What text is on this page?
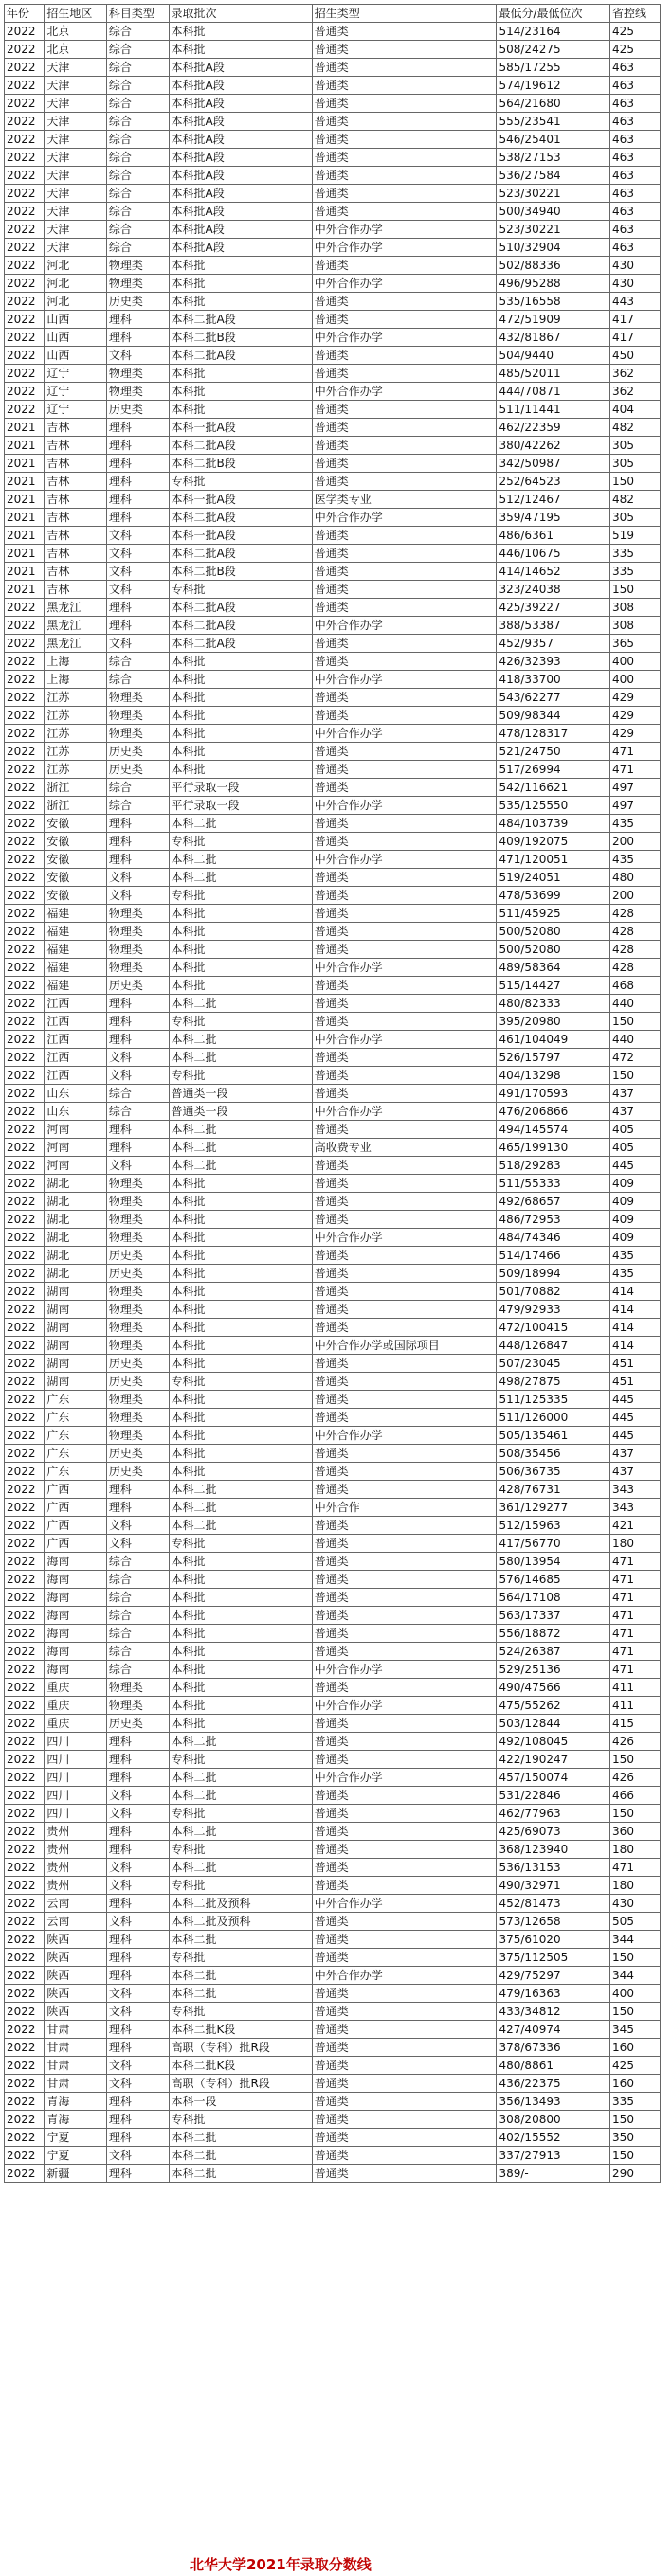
年份	招生地区	科目类型	录取批次	招生类型	最低分/最低位次	省控线
2022	北京	综合	本科批	普通类	514/23164	425
2022	北京	综合	本科批	普通类	508/24275	425
2022	天津	综合	本科批A段	普通类	585/17255	463
2022	天津	综合	本科批A段	普通类	574/19612	463
2022	天津	综合	本科批A段	普通类	564/21680	463
2022	天津	综合	本科批A段	普通类	555/23541	463
2022	天津	综合	本科批A段	普通类	546/25401	463
2022	天津	综合	本科批A段	普通类	538/27153	463
2022	天津	综合	本科批A段	普通类	536/27584	463
2022	天津	综合	本科批A段	普通类	523/30221	463
2022	天津	综合	本科批A段	普通类	500/34940	463
2022	天津	综合	本科批A段	中外合作办学	523/30221	463
2022	天津	综合	本科批A段	中外合作办学	510/32904	463
2022	河北	物理类	本科批	普通类	502/88336	430
2022	河北	物理类	本科批	中外合作办学	496/95288	430
2022	河北	历史类	本科批	普通类	535/16558	443
2022	山西	理科	本科二批A段	普通类	472/51909	417
2022	山西	理科	本科二批B段	中外合作办学	432/81867	417
2022	山西	文科	本科二批A段	普通类	504/9440	450
2022	辽宁	物理类	本科批	普通类	485/52011	362
2022	辽宁	物理类	本科批	中外合作办学	444/70871	362
2022	辽宁	历史类	本科批	普通类	511/11441	404
2021	吉林	理科	本科一批A段	普通类	462/22359	482
2021	吉林	理科	本科二批A段	普通类	380/42262	305
2021	吉林	理科	本科二批B段	普通类	342/50987	305
2021	吉林	理科	专科批	普通类	252/64523	150
2021	吉林	理科	本科一批A段	医学类专业	512/12467	482
2021	吉林	理科	本科二批A段	中外合作办学	359/47195	305
2021	吉林	文科	本科一批A段	普通类	486/6361	519
2021	吉林	文科	本科二批A段	普通类	446/10675	335
2021	吉林	文科	本科二批B段	普通类	414/14652	335
2021	吉林	文科	专科批	普通类	323/24038	150
2022	黑龙江	理科	本科二批A段	普通类	425/39227	308
2022	黑龙江	理科	本科二批A段	中外合作办学	388/53387	308
2022	黑龙江	文科	本科二批A段	普通类	452/9357	365
2022	上海	综合	本科批	普通类	426/32393	400
2022	上海	综合	本科批	中外合作办学	418/33700	400
2022	江苏	物理类	本科批	普通类	543/62277	429
2022	江苏	物理类	本科批	普通类	509/98344	429
2022	江苏	物理类	本科批	中外合作办学	478/128317	429
2022	江苏	历史类	本科批	普通类	521/24750	471
2022	江苏	历史类	本科批	普通类	517/26994	471
2022	浙江	综合	平行录取一段	普通类	542/116621	497
2022	浙江	综合	平行录取一段	中外合作办学	535/125550	497
2022	安徽	理科	本科二批	普通类	484/103739	435
2022	安徽	理科	专科批	普通类	409/192075	200
2022	安徽	理科	本科二批	中外合作办学	471/120051	435
2022	安徽	文科	本科二批	普通类	519/24051	480
2022	安徽	文科	专科批	普通类	478/53699	200
2022	福建	物理类	本科批	普通类	511/45925	428
2022	福建	物理类	本科批	普通类	500/52080	428
2022	福建	物理类	本科批	普通类	500/52080	428
2022	福建	物理类	本科批	中外合作办学	489/58364	428
2022	福建	历史类	本科批	普通类	515/14427	468
2022	江西	理科	本科二批	普通类	480/82333	440
2022	江西	理科	专科批	普通类	395/20980	150
2022	江西	理科	本科二批	中外合作办学	461/104049	440
2022	江西	文科	本科二批	普通类	526/15797	472
2022	江西	文科	专科批	普通类	404/13298	150
2022	山东	综合	普通类一段	普通类	491/170593	437
2022	山东	综合	普通类一段	中外合作办学	476/206866	437
2022	河南	理科	本科二批	普通类	494/145574	405
2022	河南	理科	本科二批	高收费专业	465/199130	405
2022	河南	文科	本科二批	普通类	518/29283	445
2022	湖北	物理类	本科批	普通类	511/55333	409
2022	湖北	物理类	本科批	普通类	492/68657	409
2022	湖北	物理类	本科批	普通类	486/72953	409
2022	湖北	物理类	本科批	中外合作办学	484/74346	409
2022	湖北	历史类	本科批	普通类	514/17466	435
2022	湖北	历史类	本科批	普通类	509/18994	435
2022	湖南	物理类	本科批	普通类	501/70882	414
2022	湖南	物理类	本科批	普通类	479/92933	414
2022	湖南	物理类	本科批	普通类	472/100415	414
2022	湖南	物理类	本科批	中外合作办学或国际项目	448/126847	414
2022	湖南	历史类	本科批	普通类	507/23045	451
2022	湖南	历史类	专科批	普通类	498/27875	451
2022	广东	物理类	本科批	普通类	511/125335	445
2022	广东	物理类	本科批	普通类	511/126000	445
2022	广东	物理类	本科批	中外合作办学	505/135461	445
2022	广东	历史类	本科批	普通类	508/35456	437
2022	广东	历史类	本科批	普通类	506/36735	437
2022	广西	理科	本科二批	普通类	428/76731	343
2022	广西	理科	本科二批	中外合作	361/129277	343
2022	广西	文科	本科二批	普通类	512/15963	421
2022	广西	文科	专科批	普通类	417/56770	180
2022	海南	综合	本科批	普通类	580/13954	471
2022	海南	综合	本科批	普通类	576/14685	471
2022	海南	综合	本科批	普通类	564/17108	471
2022	海南	综合	本科批	普通类	563/17337	471
2022	海南	综合	本科批	普通类	556/18872	471
2022	海南	综合	本科批	普通类	524/26387	471
2022	海南	综合	本科批	中外合作办学	529/25136	471
2022	重庆	物理类	本科批	普通类	490/47566	411
2022	重庆	物理类	本科批	中外合作办学	475/55262	411
2022	重庆	历史类	本科批	普通类	503/12844	415
2022	四川	理科	本科二批	普通类	492/108045	426
2022	四川	理科	专科批	普通类	422/190247	150
2022	四川	理科	本科二批	中外合作办学	457/150074	426
2022	四川	文科	本科二批	普通类	531/22846	466
2022	四川	文科	专科批	普通类	462/77963	150
2022	贵州	理科	本科二批	普通类	425/69073	360
2022	贵州	理科	专科批	普通类	368/123940	180
2022	贵州	文科	本科二批	普通类	536/13153	471
2022	贵州	文科	专科批	普通类	490/32971	180
2022	云南	理科	本科二批及预科	中外合作办学	452/81473	430
2022	云南	文科	本科二批及预科	普通类	573/12658	505
2022	陕西	理科	本科二批	普通类	375/61020	344
2022	陕西	理科	专科批	普通类	375/112505	150
2022	陕西	理科	本科二批	中外合作办学	429/75297	344
2022	陕西	文科	本科二批	普通类	479/16363	400
2022	陕西	文科	专科批	普通类	433/34812	150
2022	甘肃	理科	本科二批K段	普通类	427/40974	345
2022	甘肃	理科	高职（专科）批R段	普通类	378/67336	160
2022	甘肃	文科	本科二批K段	普通类	480/8861	425
2022	甘肃	文科	高职（专科）批R段	普通类	436/22375	160
2022	青海	理科	本科一段	普通类	356/13493	335
2022	青海	理科	专科批	普通类	308/20800	150
2022	宁夏	理科	本科二批	普通类	402/15552	350
2022	宁夏	文科	本科二批	普通类	337/27913	150
2022	新疆	理科	本科二批	普通类	389/-	290
北华大学2021年录取分数线
